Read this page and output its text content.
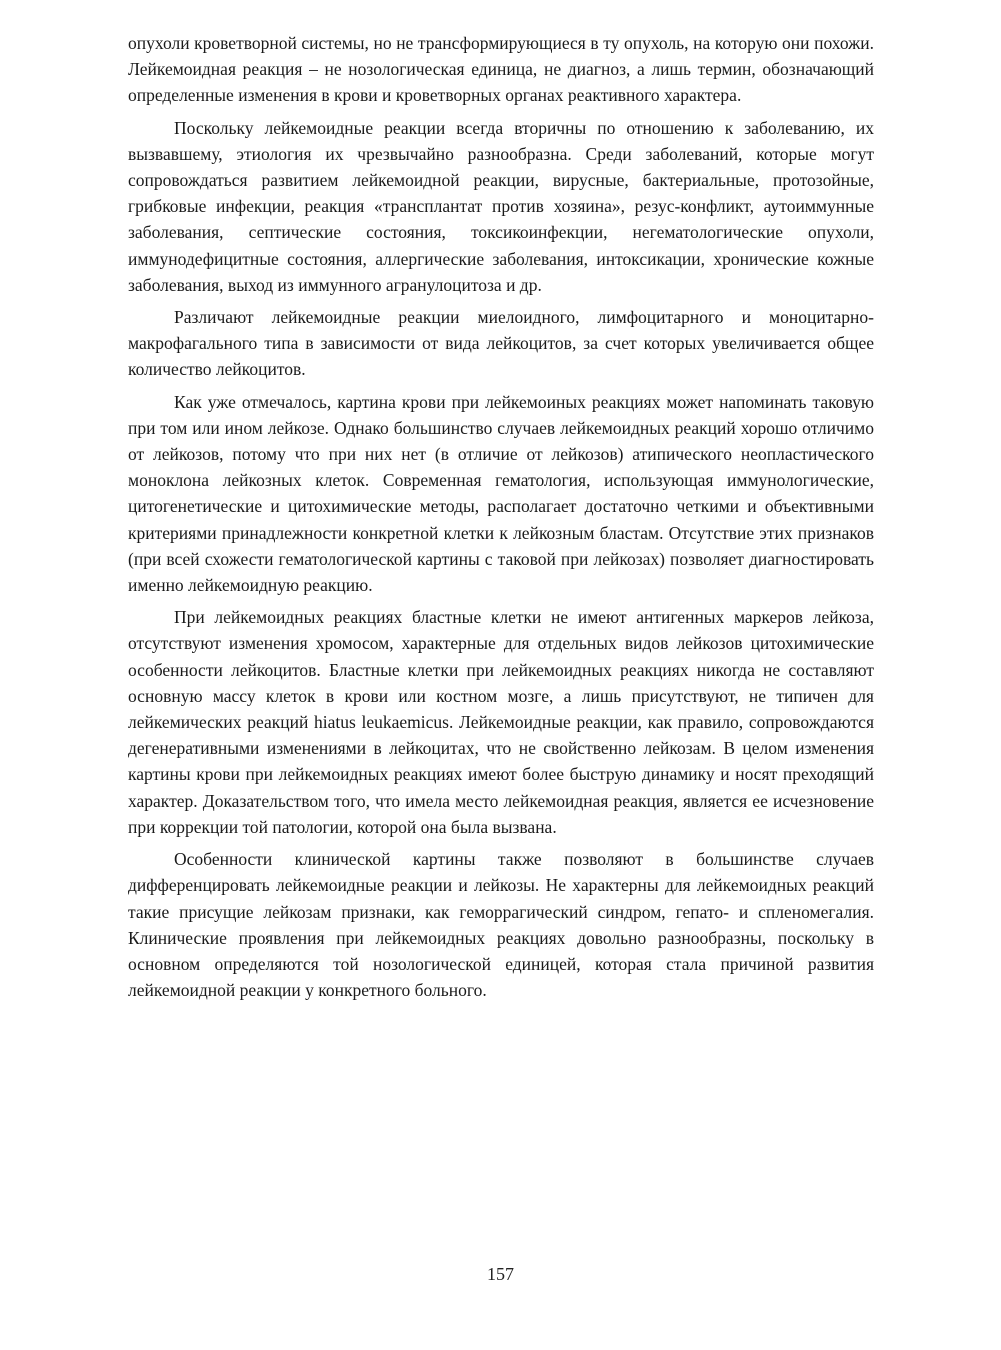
опухоли кроветворной системы, но не трансформирующиеся в ту опухоль, на которую они похожи. Лейкемоидная реакция – не нозологическая единица, не диагноз, а лишь термин, обозначающий определенные изменения в крови и кроветворных органах реактивного характера.

Поскольку лейкемоидные реакции всегда вторичны по отношению к заболеванию, их вызвавшему, этиология их чрезвычайно разнообразна. Среди заболеваний, которые могут сопровождаться развитием лейкемоидной реакции, вирусные, бактериальные, протозойные, грибковые инфекции, реакция «трансплантат против хозяина», резус-конфликт, аутоиммунные заболевания, септические состояния, токсикоинфекции, негематологические опухоли, иммунодефицитные состояния, аллергические заболевания, интоксикации, хронические кожные заболевания, выход из иммунного агранулоцитоза и др.

Различают лейкемоидные реакции миелоидного, лимфоцитарного и моноцитарно-макрофагального типа в зависимости от вида лейкоцитов, за счет которых увеличивается общее количество лейкоцитов.

Как уже отмечалось, картина крови при лейкемоиных реакциях может напоминать таковую при том или ином лейкозе. Однако большинство случаев лейкемоидных реакций хорошо отличимо от лейкозов, потому что при них нет (в отличие от лейкозов) атипического неопластического моноклона лейкозных клеток. Современная гематология, использующая иммунологические, цитогенетические и цитохимические методы, располагает достаточно четкими и объективными критериями принадлежности конкретной клетки к лейкозным бластам. Отсутствие этих признаков (при всей схожести гематологической картины с таковой при лейкозах) позволяет диагностировать именно лейкемоидную реакцию.

При лейкемоидных реакциях бластные клетки не имеют антигенных маркеров лейкоза, отсутствуют изменения хромосом, характерные для отдельных видов лейкозов цитохимические особенности лейкоцитов. Бластные клетки при лейкемоидных реакциях никогда не составляют основную массу клеток в крови или костном мозге, а лишь присутствуют, не типичен для лейкемических реакций hiatus leukaemicus. Лейкемоидные реакции, как правило, сопровождаются дегенеративными изменениями в лейкоцитах, что не свойственно лейкозам. В целом изменения картины крови при лейкемоидных реакциях имеют более быструю динамику и носят преходящий характер. Доказательством того, что имела место лейкемоидная реакция, является ее исчезновение при коррекции той патологии, которой она была вызвана.

Особенности клинической картины также позволяют в большинстве случаев дифференцировать лейкемоидные реакции и лейкозы. Не характерны для лейкемоидных реакций такие присущие лейкозам признаки, как геморрагический синдром, гепато- и спленомегалия. Клинические проявления при лейкемоидных реакциях довольно разнообразны, поскольку в основном определяются той нозологической единицей, которая стала причиной развития лейкемоидной реакции у конкретного больного.

157
